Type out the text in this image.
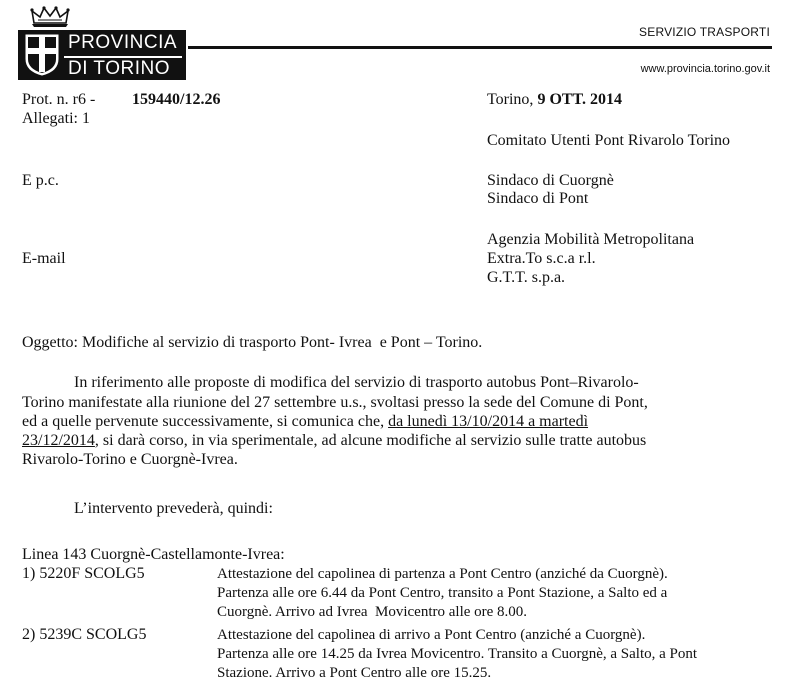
PROVINCIA
DI TORINO
SERVIZIO TRASPORTI
www.provincia.torino.gov.it
Prot. n. r6 - 159440/12.26
Allegati: 1
Torino, 9 OTT. 2014
Comitato Utenti Pont Rivarolo Torino
E p.c.	Sindaco di Cuorgnè
Sindaco di Pont
E-mail
Agenzia Mobilità Metropolitana
Extra.To s.c.a r.l.
G.T.T. s.p.a.
Oggetto: Modifiche al servizio di trasporto Pont- Ivrea  e Pont – Torino.
In riferimento alle proposte di modifica del servizio di trasporto autobus Pont–Rivarolo-
Torino manifestate alla riunione del 27 settembre u.s., svoltasi presso la sede del Comune di Pont,
ed a quelle pervenute successivamente, si comunica che, da lunedì 13/10/2014 a martedì
23/12/2014, si darà corso, in via sperimentale, ad alcune modifiche al servizio sulle tratte autobus
Rivarolo-Torino e Cuorgnè-Ivrea.
L’intervento prevederà, quindi:
Linea 143 Cuorgnè-Castellamonte-Ivrea:
1) 5220F SCOLG5	Attestazione del capolinea di partenza a Pont Centro (anziché da Cuorgnè).
Partenza alle ore 6.44 da Pont Centro, transito a Pont Stazione, a Salto ed a
Cuorgnè. Arrivo ad Ivrea  Movicentro alle ore 8.00.
2) 5239C SCOLG5	Attestazione del capolinea di arrivo a Pont Centro (anziché a Cuorgnè).
Partenza alle ore 14.25 da Ivrea Movicentro. Transito a Cuorgnè, a Salto, a Pont
Stazione. Arrivo a Pont Centro alle ore 15.25.
